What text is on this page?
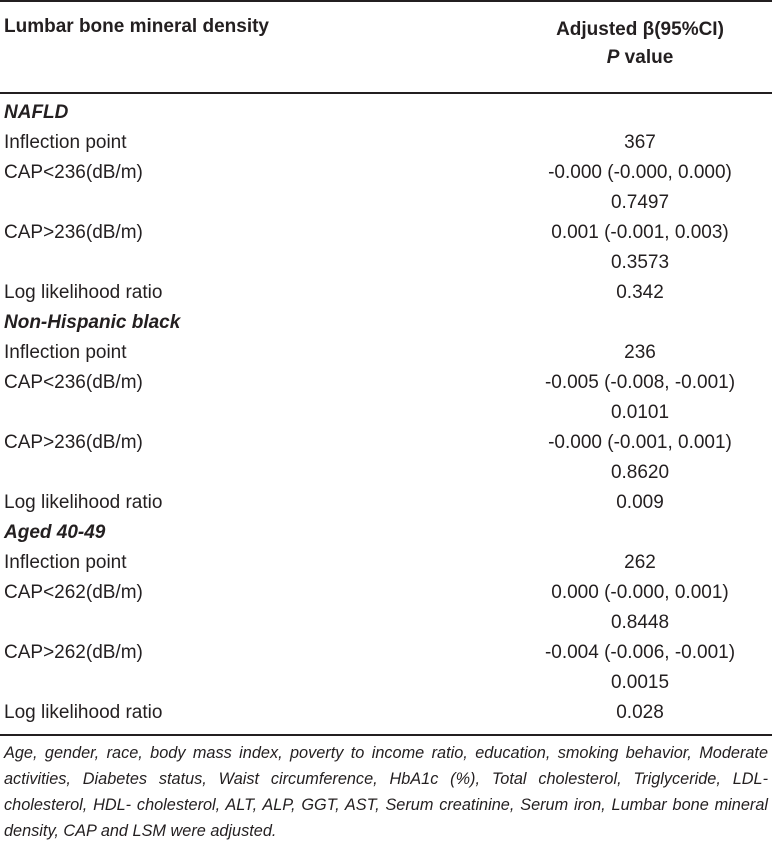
Lumbar bone mineral density	Adjusted β(95%CI)
P value
NAFLD
Inflection point	367
CAP<236(dB/m)	-0.000 (-0.000, 0.000)
0.7497
CAP>236(dB/m)	0.001 (-0.001, 0.003)
0.3573
Log likelihood ratio	0.342
Non-Hispanic black
Inflection point	236
CAP<236(dB/m)	-0.005 (-0.008, -0.001)
0.0101
CAP>236(dB/m)	-0.000 (-0.001, 0.001)
0.8620
Log likelihood ratio	0.009
Aged 40-49
Inflection point	262
CAP<262(dB/m)	0.000 (-0.000, 0.001)
0.8448
CAP>262(dB/m)	-0.004 (-0.006, -0.001)
0.0015
Log likelihood ratio	0.028
Age, gender, race, body mass index, poverty to income ratio, education, smoking behavior, Moderate activities, Diabetes status, Waist circumference, HbA1c (%), Total cholesterol, Triglyceride, LDL- cholesterol, HDL- cholesterol, ALT, ALP, GGT, AST, Serum creatinine, Serum iron, Lumbar bone mineral density, CAP and LSM were adjusted.
